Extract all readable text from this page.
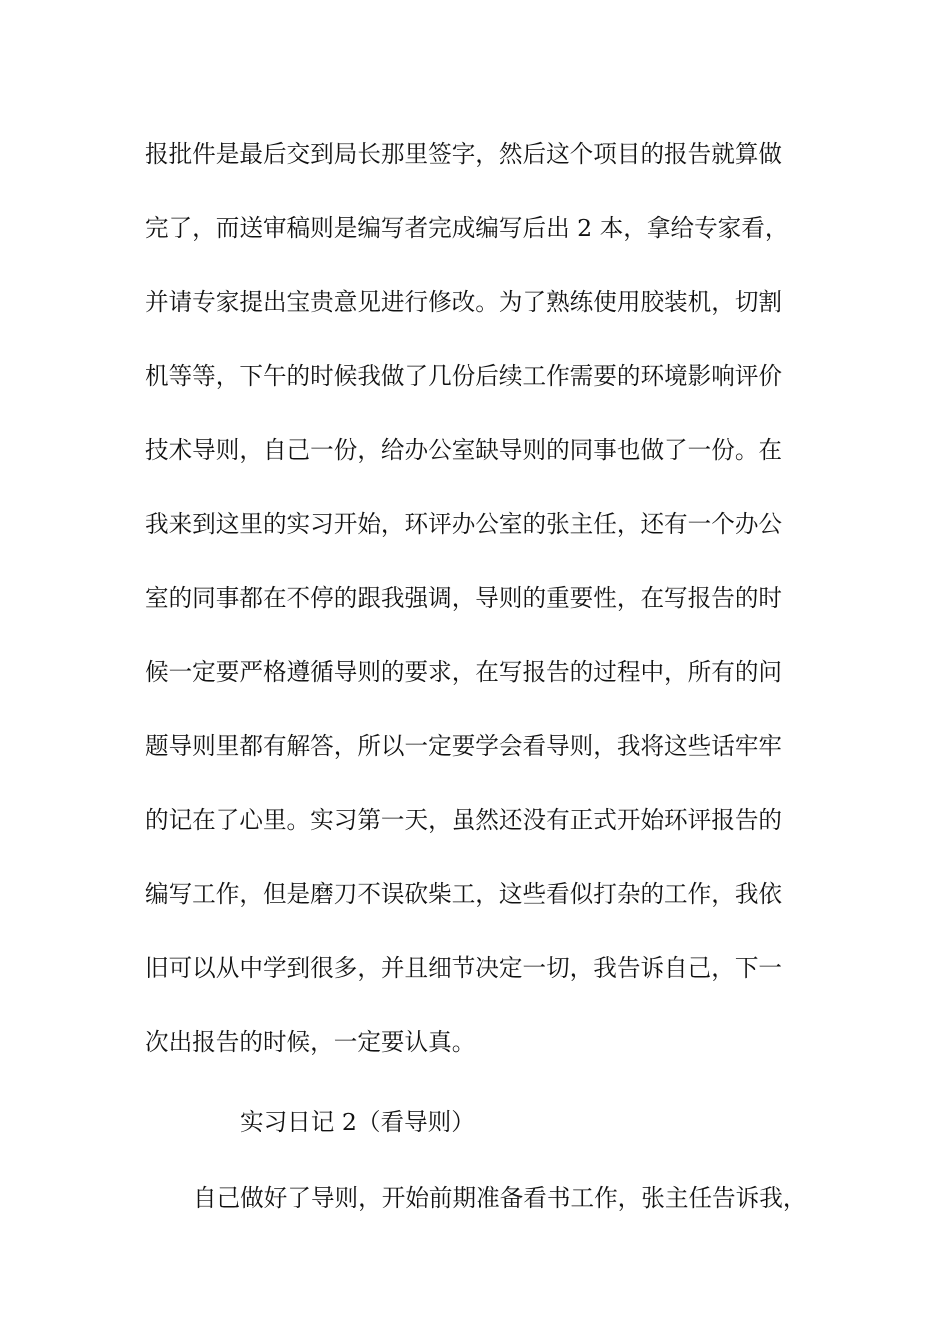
报批件是最后交到局长那里签字，然后这个项目的报告就算做
完了，而送审稿则是编写者完成编写后出 2 本，拿给专家看，
并请专家提出宝贵意见进行修改。为了熟练使用胶装机，切割
机等等，下午的时候我做了几份后续工作需要的环境影响评价
技术导则，自己一份，给办公室缺导则的同事也做了一份。在
我来到这里的实习开始，环评办公室的张主任，还有一个办公
室的同事都在不停的跟我强调，导则的重要性，在写报告的时
候一定要严格遵循导则的要求，在写报告的过程中，所有的问
题导则里都有解答，所以一定要学会看导则，我将这些话牢牢
的记在了心里。实习第一天，虽然还没有正式开始环评报告的
编写工作，但是磨刀不误砍柴工，这些看似打杂的工作，我依
旧可以从中学到很多，并且细节决定一切，我告诉自己，下一
次出报告的时候，一定要认真。
实习日记 2（看导则）
自己做好了导则，开始前期准备看书工作，张主任告诉我，
